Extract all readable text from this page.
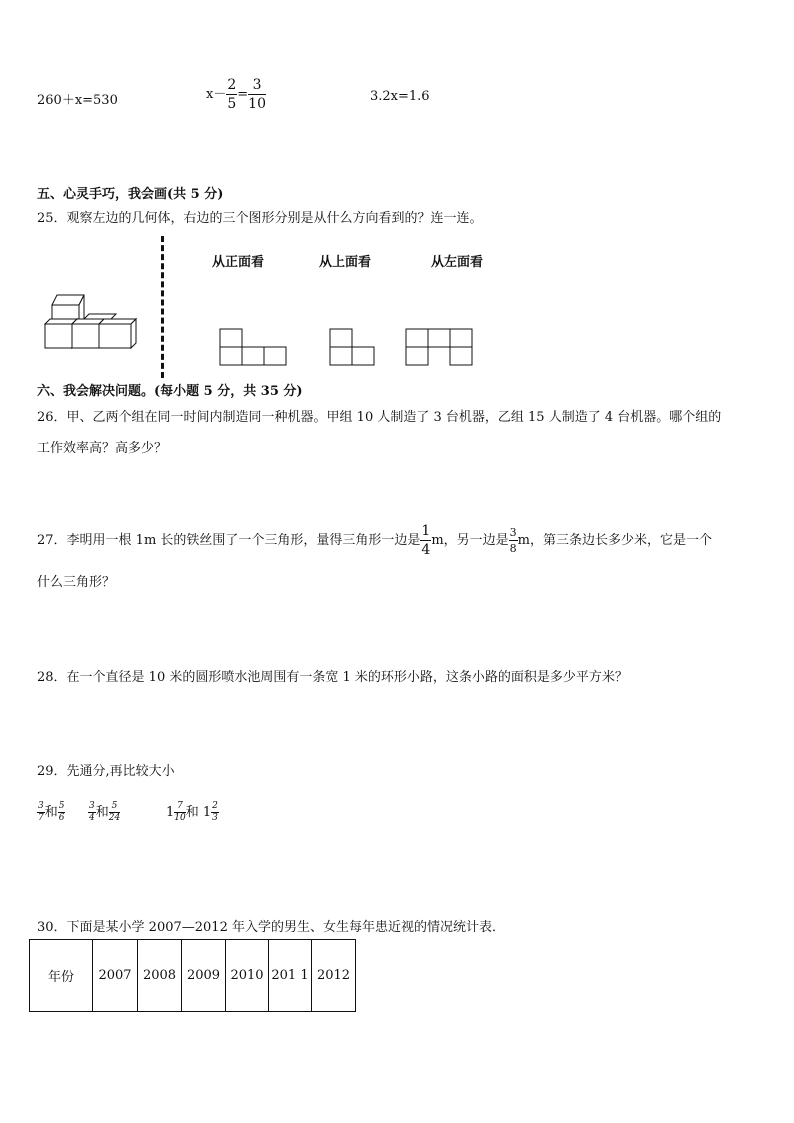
260＋x=530	$x- \frac{2}{5} = \frac{3}{10}$	3.2x=1.6
五、心灵手巧，我会画(共 5 分)
25．观察左边的几何体，右边的三个图形分别是从什么方向看到的？连一连。
从正面看	从上面看	从左面看
六、我会解决问题。(每小题 5 分，共 35 分)
26．甲、乙两个组在同一时间内制造同一种机器。甲组 10 人制造了 3 台机器，乙组 15 人制造了 4 台机器。哪个组的
工作效率高？高多少？
27．李明用一根 1m 长的铁丝围了一个三角形，量得三角形一边是 $\frac{1}{4}$ m，另一边是 $\frac{3}{8}$ m，第三条边长多少米，它是一个
什么三角形？
28．在一个直径是 10 米的圆形喷水池周围有一条宽 1 米的环形小路，这条小路的面积是多少平方米？
29．先通分,再比较大小
$\frac{3}{7}$ 和 $\frac{5}{6}$	$\frac{3}{4}$ 和 $\frac{5}{24}$	$1 \frac{7}{10}$ 和 $1 \frac{2}{3}$
30．下面是某小学 2007—2012 年入学的男生、女生每年患近视的情况统计表．
年份	2007	2008	2009	2010	201 1	2012
